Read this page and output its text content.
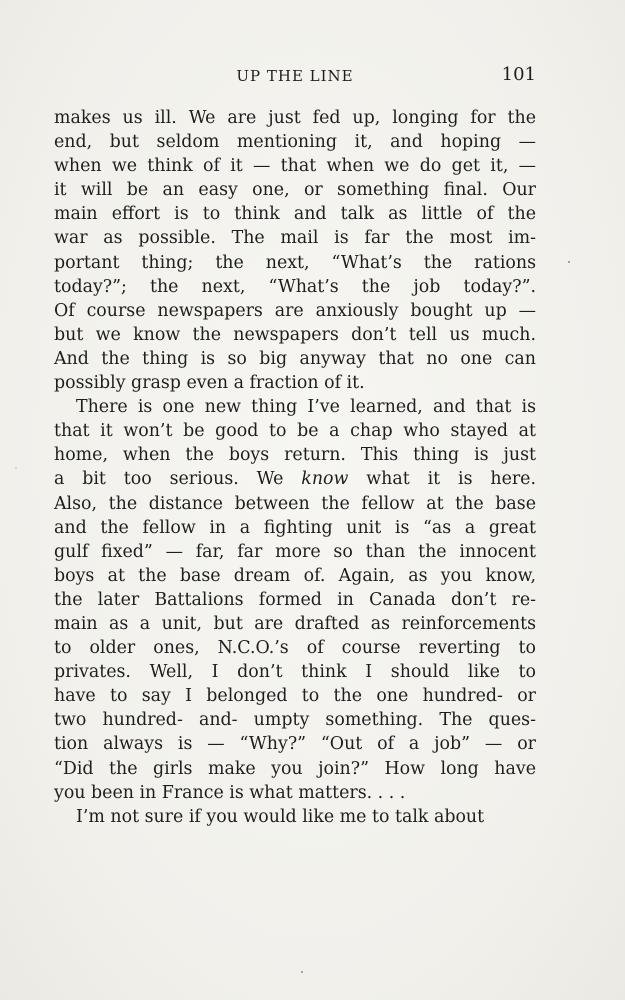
UP THE LINE	101
makes us ill. We are just fed up, longing for the
end, but seldom mentioning it, and hoping —
when we think of it — that when we do get it, —
it will be an easy one, or something final. Our
main effort is to think and talk as little of the
war as possible. The mail is far the most im-
portant thing; the next, “What’s the rations
today?”; the next, “What’s the job today?”.
Of course newspapers are anxiously bought up —
but we know the newspapers don’t tell us much.
And the thing is so big anyway that no one can
possibly grasp even a fraction of it.
There is one new thing I’ve learned, and that is
that it won’t be good to be a chap who stayed at
home, when the boys return. This thing is just
a bit too serious. We know what it is here.
Also, the distance between the fellow at the base
and the fellow in a fighting unit is “as a great
gulf fixed” — far, far more so than the innocent
boys at the base dream of. Again, as you know,
the later Battalions formed in Canada don’t re-
main as a unit, but are drafted as reinforcements
to older ones, N.C.O.’s of course reverting to
privates. Well, I don’t think I should like to
have to say I belonged to the one hundred- or
two hundred- and- umpty something. The ques-
tion always is — “Why?” “Out of a job” — or
“Did the girls make you join?” How long have
you been in France is what matters. . . .
I’m not sure if you would like me to talk about
